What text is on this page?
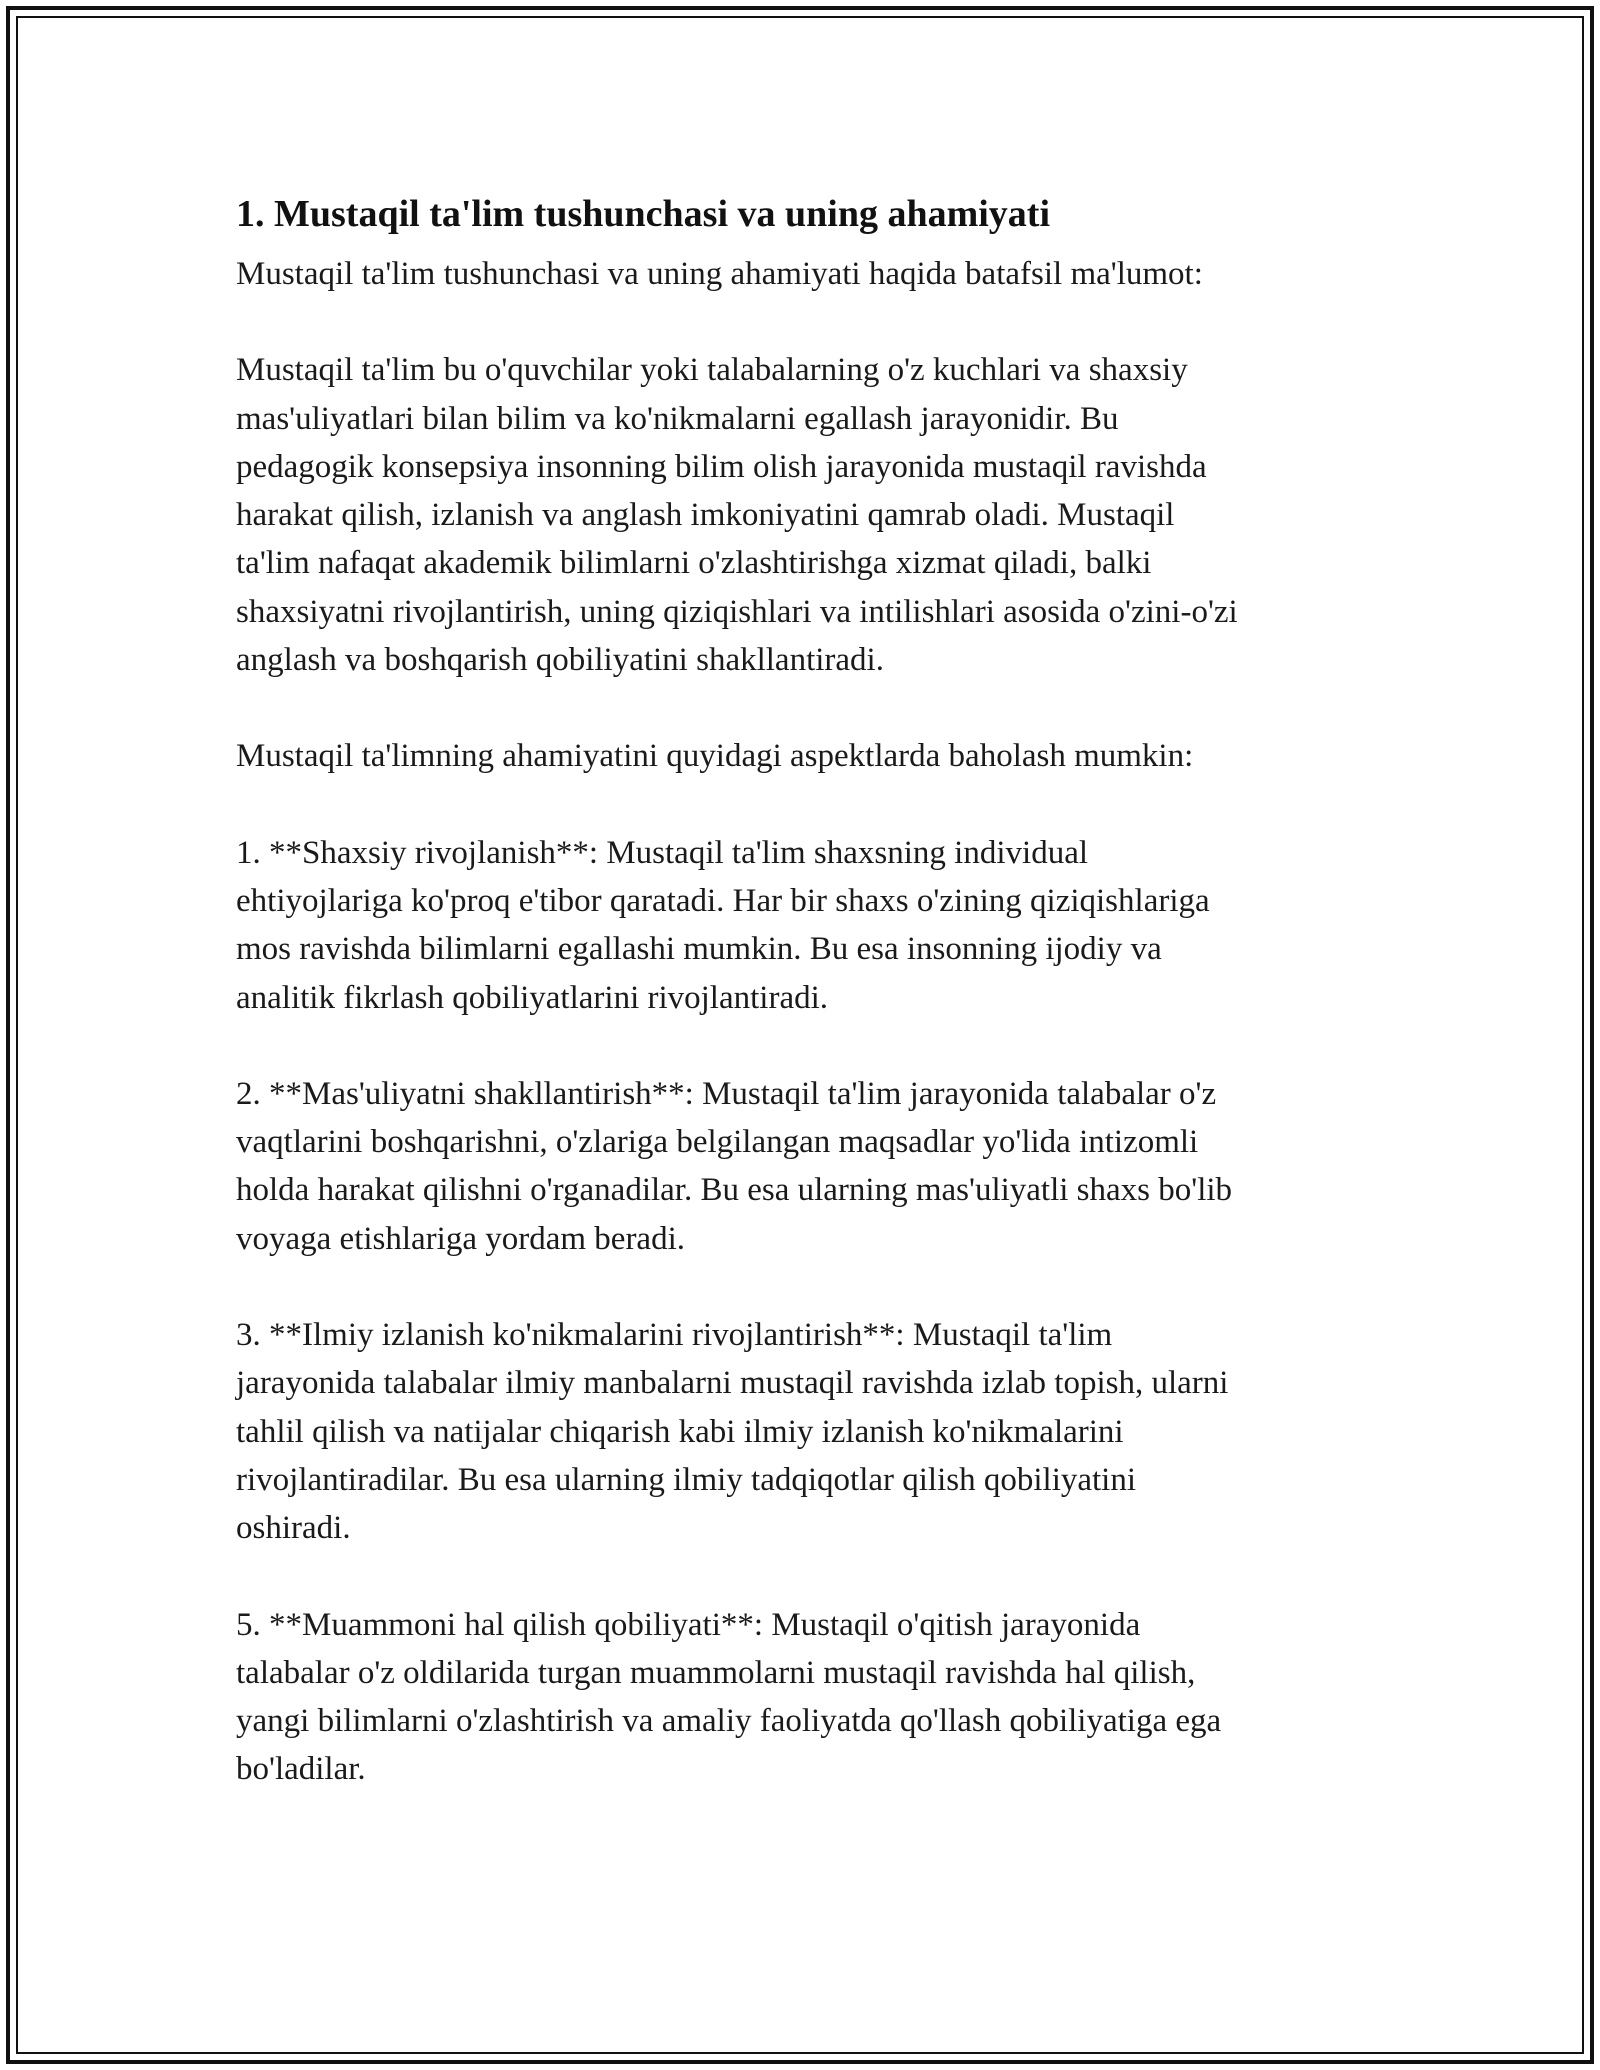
1. Mustaqil ta'lim tushunchasi va uning ahamiyati

Mustaqil ta'lim tushunchasi va uning ahamiyati haqida batafsil ma'lumot:

Mustaqil ta'lim bu o'quvchilar yoki talabalarning o'z kuchlari va shaxsiy
mas'uliyatlari bilan bilim va ko'nikmalarni egallash jarayonidir. Bu
pedagogik konsepsiya insonning bilim olish jarayonida mustaqil ravishda
harakat qilish, izlanish va anglash imkoniyatini qamrab oladi. Mustaqil
ta'lim nafaqat akademik bilimlarni o'zlashtirishga xizmat qiladi, balki
shaxsiyatni rivojlantirish, uning qiziqishlari va intilishlari asosida o'zini-o'zi
anglash va boshqarish qobiliyatini shakllantiradi.

Mustaqil ta'limning ahamiyatini quyidagi aspektlarda baholash mumkin:

1. **Shaxsiy rivojlanish**: Mustaqil ta'lim shaxsning individual
ehtiyojlariga ko'proq e'tibor qaratadi. Har bir shaxs o'zining qiziqishlariga
mos ravishda bilimlarni egallashi mumkin. Bu esa insonning ijodiy va
analitik fikrlash qobiliyatlarini rivojlantiradi.

2. **Mas'uliyatni shakllantirish**: Mustaqil ta'lim jarayonida talabalar o'z
vaqtlarini boshqarishni, o'zlariga belgilangan maqsadlar yo'lida intizomli
holda harakat qilishni o'rganadilar. Bu esa ularning mas'uliyatli shaxs bo'lib
voyaga etishlariga yordam beradi.

3. **Ilmiy izlanish ko'nikmalarini rivojlantirish**: Mustaqil ta'lim
jarayonida talabalar ilmiy manbalarni mustaqil ravishda izlab topish, ularni
tahlil qilish va natijalar chiqarish kabi ilmiy izlanish ko'nikmalarini
rivojlantiradilar. Bu esa ularning ilmiy tadqiqotlar qilish qobiliyatini
oshiradi.

5. **Muammoni hal qilish qobiliyati**: Mustaqil o'qitish jarayonida
talabalar o'z oldilarida turgan muammolarni mustaqil ravishda hal qilish,
yangi bilimlarni o'zlashtirish va amaliy faoliyatda qo'llash qobiliyatiga ega
bo'ladilar.
